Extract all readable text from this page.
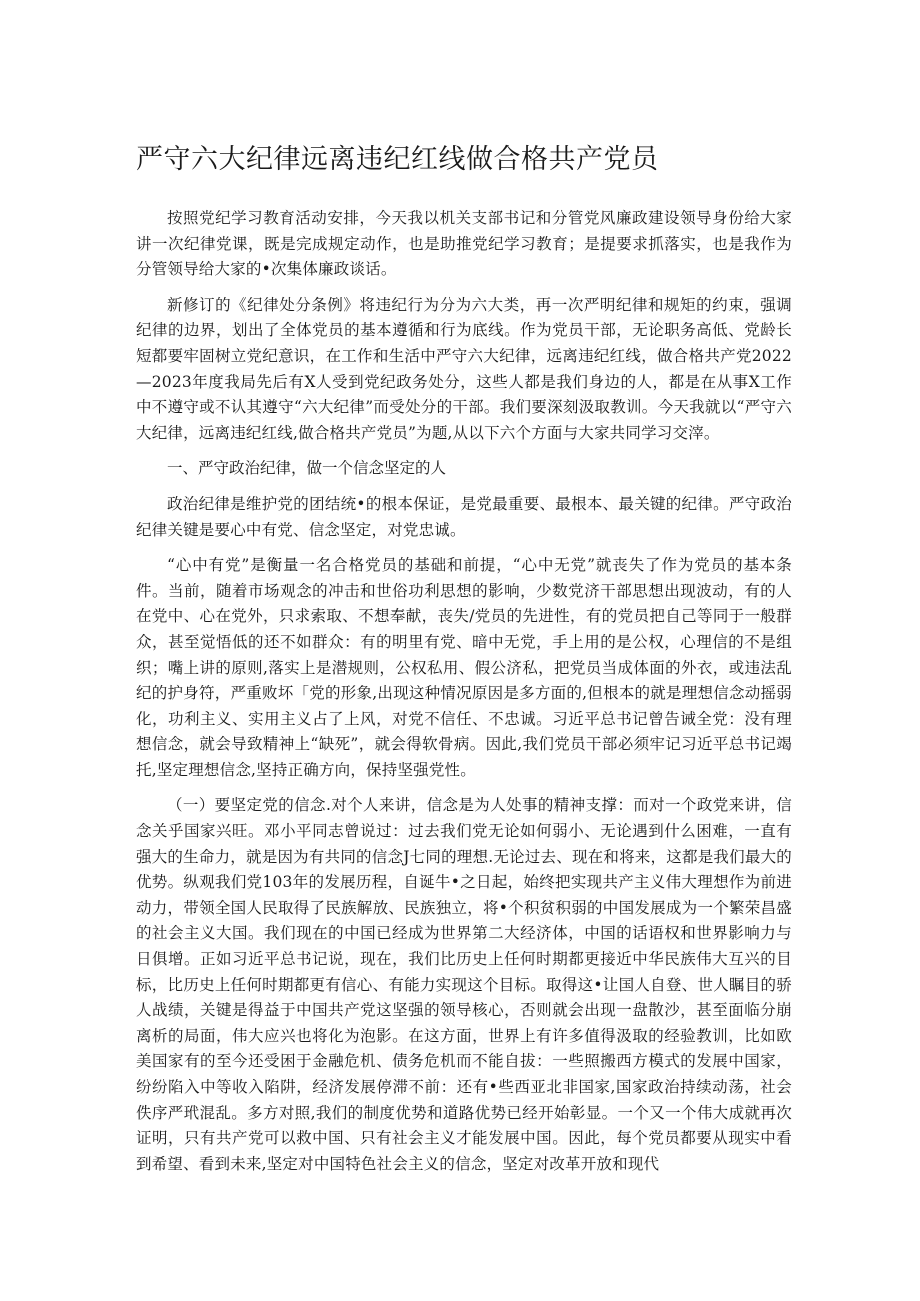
严守六大纪律远离违纪红线做合格共产党员

按照党纪学习教育活动安排，今天我以机关支部书记和分管党风廉政建设领导身份给大家讲一次纪律党课，既是完成规定动作，也是助推党纪学习教育；是提要求抓落实，也是我作为分管领导给大家的•次集体廉政谈话。

新修订的《纪律处分条例》将违纪行为分为六大类，再一次严明纪律和规矩的约束，强调纪律的边界，划出了全体党员的基本遵循和行为底线。作为党员干部，无论职务高低、党龄长短都要牢固树立党纪意识，在工作和生活中严守六大纪律，远离违纪红线，做合格共产党2022—2023年度我局先后有X人受到党纪政务处分，这些人都是我们身边的人，都是在从事X工作中不遵守或不认其遵守“六大纪律”而受处分的干部。我们要深刻汲取教训。今天我就以“严守六大纪律，远离违纪红线,做合格共产党员”为题,从以下六个方面与大家共同学习交滓。

一、严守政治纪律，做一个信念坚定的人

政治纪律是维护党的团结统•的根本保证，是党最重要、最根本、最关键的纪律。严守政治纪律关键是要心中有党、信念坚定，对党忠诚。

“心中有党”是衡量一名合格党员的基础和前提，“心中无党”就丧失了作为党员的基本条件。当前，随着市场观念的冲击和世俗功利思想的影响，少数党济干部思想出现波动，有的人在党中、心在党外，只求索取、不想奉献，丧失/党员的先进性，有的党员把自己等同于一般群众，甚至觉悟低的还不如群众：有的明里有党、暗中无党，手上用的是公权，心理信的不是组织；嘴上讲的原则,落实上是潜规则，公权私用、假公济私，把党员当成体面的外衣，或违法乱纪的护身符，严重败坏「党的形象,出现这种情况原因是多方面的,但根本的就是理想信念动摇弱化，功利主义、实用主义占了上风，对党不信任、不忠诚。习近平总书记曾告诫全党：没有理想信念，就会导致精神上“缺死”，就会得软骨病。因此,我们党员干部必须牢记习近平总书记竭托,坚定理想信念,坚持正确方向，保持坚强党性。

（一）要坚定党的信念.对个人来讲，信念是为人处事的精神支撑：而对一个政党来讲，信念关乎国家兴旺。邓小平同志曾说过：过去我们党无论如何弱小、无论遇到什么困难，一直有强大的生命力，就是因为有共同的信念J七同的理想.无论过去、现在和将来，这都是我们最大的优势。纵观我们党103年的发展历程，自诞牛•之日起，始终把实现共产主义伟大理想作为前进动力，带领全国人民取得了民族解放、民族独立，将•个积贫积弱的中国发展成为一个繁荣昌盛的社会主义大国。我们现在的中国已经成为世界第二大经济体，中国的话语权和世界影响力与日俱增。正如习近平总书记说，现在，我们比历史上任何时期都更接近中华民族伟大互兴的目标，比历史上任何时期都更有信心、有能力实现这个目标。取得这•让国人自登、世人瞩目的骄人战绩，关键是得益于中国共产党这坚强的领导核心，否则就会出现一盘散沙，甚至面临分崩离析的局面，伟大应兴也将化为泡影。在这方面，世界上有许多值得汲取的经验教训，比如欧美国家有的至今还受困于金融危机、债务危机而不能自拔：一些照搬西方模式的发展中国家，纷纷陷入中等收入陷阱，经济发展停滞不前：还有•些西亚北非国家,国家政治持续动荡，社会佚序严玳混乱。多方对照,我们的制度优势和道路优势已经开始彰显。一个又一个伟大成就再次证明，只有共产党可以救中国、只有社会主义才能发展中国。因此，每个党员都要从现实中看到希望、看到未来,坚定对中国特色社会主义的信念，坚定对改革开放和现代
